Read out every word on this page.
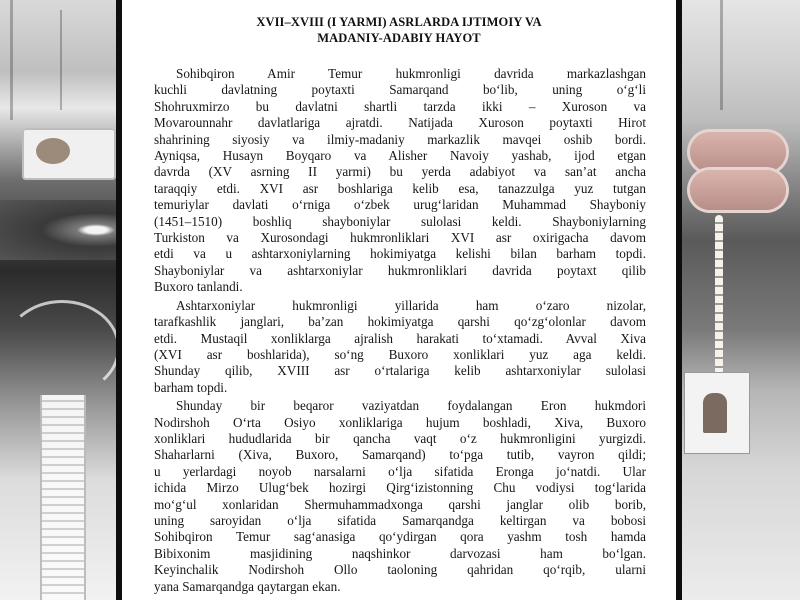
XVII–XVIII (I YARMI) ASRLARDA IJTIMOIY VA
MADANIY-ADABIY HAYOT
Sohibqiron Amir Temur hukmronligi davrida markazlashgan
kuchli davlatning poytaxti Samarqand bo‘lib, uning o‘g‘li
Shohruxmirzo bu davlatni shartli tarzda ikki – Xuroson va
Movarounnahr davlatlariga ajratdi. Natijada Xuroson poytaxti Hirot
shahrining siyosiy va ilmiy-madaniy markazlik mavqei oshib bordi.
Ayniqsa, Husayn Boyqaro va Alisher Navoiy yashab, ijod etgan
davrda (XV asrning II yarmi) bu yerda adabiyot va san’at ancha
taraqqiy etdi. XVI asr boshlariga kelib esa, tanazzulga yuz tutgan
temuriylar davlati o‘rniga o‘zbek urug‘laridan Muhammad Shayboniy
(1451–1510) boshliq shayboniylar sulolasi keldi. Shayboniylarning
Turkiston va Xurosondagi hukmronliklari XVI asr oxirigacha davom
etdi va u ashtarxoniylarning hokimiyatga kelishi bilan barham topdi.
Shayboniylar va ashtarxoniylar hukmronliklari davrida poytaxt qilib
Buxoro tanlandi.
Ashtarxoniylar hukmronligi yillarida ham o‘zaro nizolar,
tarafkashlik janglari, ba’zan hokimiyatga qarshi qo‘zg‘olonlar davom
etdi. Mustaqil xonliklarga ajralish harakati to‘xtamadi. Avval Xiva
(XVI asr boshlarida), so‘ng Buxoro xonliklari yuz aga keldi.
Shunday qilib, XVIII asr o‘rtalariga kelib ashtarxoniylar sulolasi
barham topdi.
Shunday bir beqaror vaziyatdan foydalangan Eron hukmdori
Nodirshoh O‘rta Osiyo xonliklariga hujum boshladi, Xiva, Buxoro
xonliklari hududlarida bir qancha vaqt o‘z hukmronligini yurgizdi.
Shaharlarni (Xiva, Buxoro, Samarqand) to‘pga tutib, vayron qildi;
u yerlardagi noyob narsalarni o‘lja sifatida Eronga jo‘natdi. Ular
ichida Mirzo Ulug‘bek hozirgi Qirg‘izistonning Chu vodiysi tog‘larida
mo‘g‘ul xonlaridan Shermuhammadxonga qarshi janglar olib borib,
uning saroyidan o‘lja sifatida Samarqandga keltirgan va bobosi
Sohibqiron Temur sag‘anasiga qo‘ydirgan qora yashm tosh hamda
Bibixonim masjidining naqshinkor darvozasi ham bo‘lgan.
Keyinchalik Nodirshoh Ollo taoloning qahridan qo‘rqib, ularni
yana Samarqandga qaytargan ekan.
